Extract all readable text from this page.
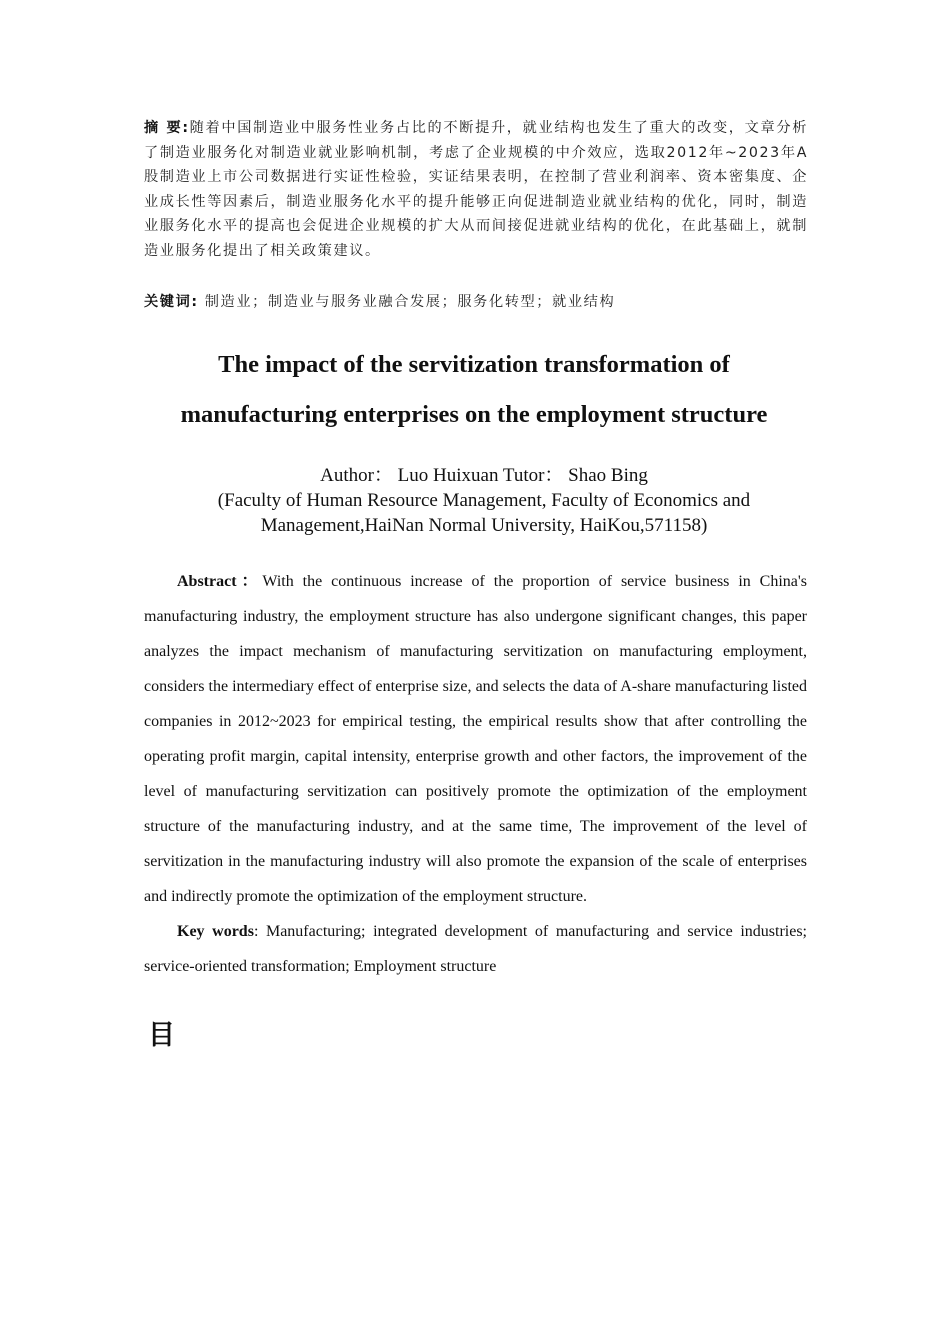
摘 要:随着中国制造业中服务性业务占比的不断提升，就业结构也发生了重大的改变，文章分析了制造业服务化对制造业就业影响机制，考虑了企业规模的中介效应，选取2012年~2023年A股制造业上市公司数据进行实证性检验，实证结果表明，在控制了营业利润率、资本密集度、企业成长性等因素后，制造业服务化水平的提升能够正向促进制造业就业结构的优化，同时，制造业服务化水平的提高也会促进企业规模的扩大从而间接促进就业结构的优化，在此基础上，就制造业服务化提出了相关政策建议。
关键词: 制造业；制造业与服务业融合发展；服务化转型；就业结构
The impact of the servitization transformation of
manufacturing enterprises on the employment structure
Author： Luo Huixuan Tutor： Shao Bing
(Faculty of Human Resource Management, Faculty of Economics and Management,HaiNan Normal University, HaiKou,571158)

Abstract：With the continuous increase of the proportion of service business in China's manufacturing industry, the employment structure has also undergone significant changes, this paper analyzes the impact mechanism of manufacturing servitization on manufacturing employment, considers the intermediary effect of enterprise size, and selects the data of A-share manufacturing listed companies in 2012~2023 for empirical testing, the empirical results show that after controlling the operating profit margin, capital intensity, enterprise growth and other factors, the improvement of the level of manufacturing servitization can positively promote the optimization of the employment structure of the manufacturing industry, and at the same time, The improvement of the level of servitization in the manufacturing industry will also promote the expansion of the scale of enterprises and indirectly promote the optimization of the employment structure.

Key words: Manufacturing; integrated development of manufacturing and service industries; service-oriented transformation; Employment structure

目
